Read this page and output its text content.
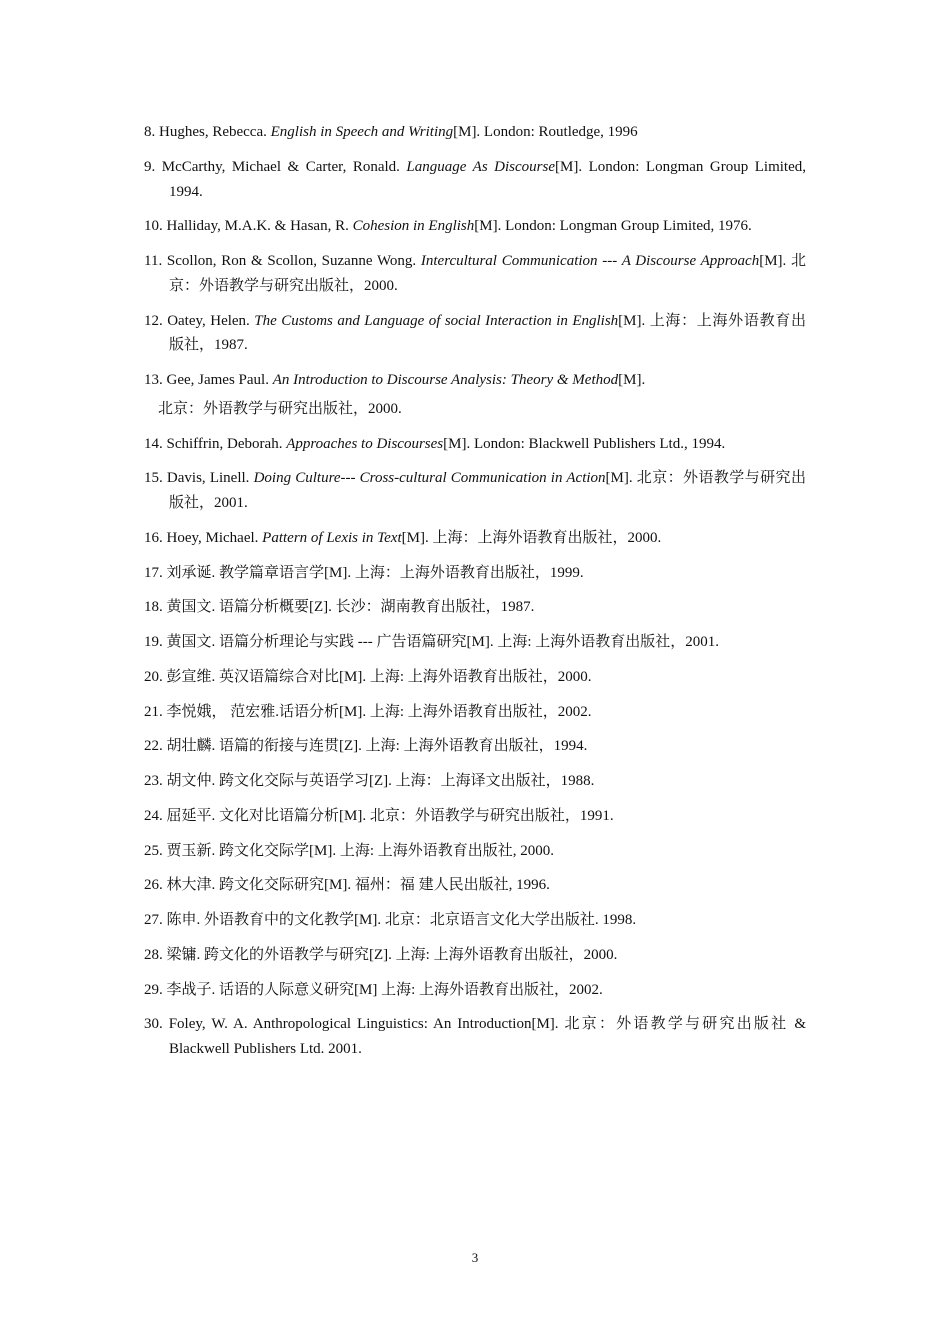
8. Hughes, Rebecca. English in Speech and Writing[M]. London: Routledge, 1996

9. McCarthy, Michael & Carter, Ronald. Language As Discourse[M]. London: Longman Group Limited, 1994.

10. Halliday, M.A.K. & Hasan, R. Cohesion in English[M]. London: Longman Group Limited, 1976.

11. Scollon, Ron & Scollon, Suzanne Wong. Intercultural Communication --- A Discourse Approach[M]. 北京：外语教学与研究出版社，2000.

12. Oatey, Helen. The Customs and Language of social Interaction in English[M]. 上海：上海外语教育出版社，1987.

13. Gee, James Paul. An Introduction to Discourse Analysis: Theory & Method[M].

北京：外语教学与研究出版社，2000.

14. Schiffrin, Deborah. Approaches to Discourses[M]. London: Blackwell Publishers Ltd., 1994.

15. Davis, Linell. Doing Culture--- Cross-cultural Communication in Action[M]. 北京：外语教学与研究出版社，2001.

16. Hoey, Michael. Pattern of Lexis in Text[M]. 上海：上海外语教育出版社，2000.

17. 刘承诞. 教学篇章语言学[M]. 上海：上海外语教育出版社，1999.

18. 黄国文. 语篇分析概要[Z]. 长沙：湖南教育出版社，1987.

19. 黄国文. 语篇分析理论与实践 --- 广告语篇研究[M]. 上海: 上海外语教育出版社，2001.

20. 彭宣维. 英汉语篇综合对比[M]. 上海: 上海外语教育出版社，2000.

21. 李悦娥， 范宏雅.话语分析[M]. 上海: 上海外语教育出版社，2002.

22. 胡壮麟. 语篇的衔接与连贯[Z]. 上海: 上海外语教育出版社，1994.

23. 胡文仲. 跨文化交际与英语学习[Z]. 上海：上海译文出版社，1988.

24. 屈延平. 文化对比语篇分析[M]. 北京：外语教学与研究出版社，1991.

25. 贾玉新. 跨文化交际学[M]. 上海: 上海外语教育出版社, 2000.

26. 林大津. 跨文化交际研究[M]. 福州：福 建人民出版社, 1996.

27. 陈申. 外语教育中的文化教学[M]. 北京：北京语言文化大学出版社. 1998.

28. 梁镛. 跨文化的外语教学与研究[Z]. 上海: 上海外语教育出版社，2000.

29. 李战子. 话语的人际意义研究[M] 上海: 上海外语教育出版社，2002.

30. Foley, W. A. Anthropological Linguistics: An Introduction[M]. 北京：外语教学与研究出版社 & Blackwell Publishers Ltd. 2001.

3
